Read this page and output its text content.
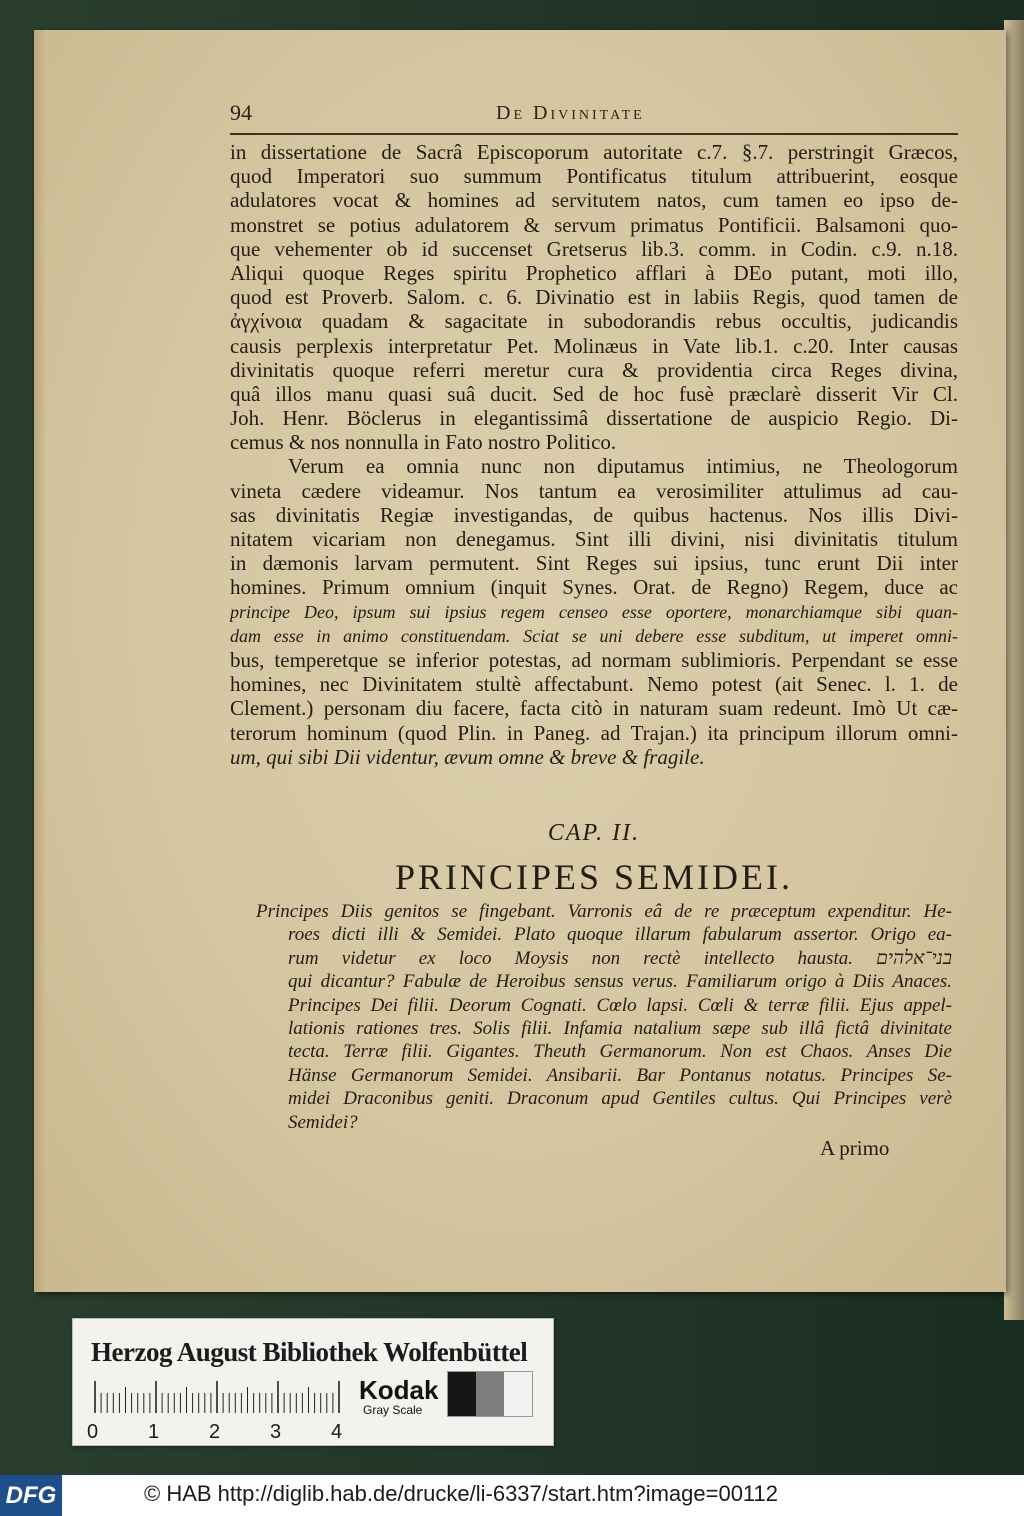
94	De Divinitate
in dissertatione de Sacrâ Episcoporum autoritate c.7. §.7. perstringit Græcos,
quod Imperatori suo summum Pontificatus titulum attribuerint, eosque
adulatores vocat & homines ad servitutem natos, cum tamen eo ipso de-
monstret se potius adulatorem & servum primatus Pontificii. Balsamoni quo-
que vehementer ob id succenset Gretserus lib.3. comm. in Codin. c.9. n.18.
Aliqui quoque Reges spiritu Prophetico afflari à DEo putant, moti illo,
quod est Proverb. Salom. c. 6. Divinatio est in labiis Regis, quod tamen de
ἀγχίνοια quadam & sagacitate in subodorandis rebus occultis, judicandis
causis perplexis interpretatur Pet. Molinæus in Vate lib.1. c.20. Inter causas
divinitatis quoque referri meretur cura & providentia circa Reges divina,
quâ illos manu quasi suâ ducit. Sed de hoc fusè præclarè disserit Vir Cl.
Joh. Henr. Böclerus in elegantissimâ dissertatione de auspicio Regio. Di-
cemus & nos nonnulla in Fato nostro Politico.
Verum ea omnia nunc non diputamus intimius, ne Theologorum
vineta cædere videamur. Nos tantum ea verosimiliter attulimus ad cau-
sas divinitatis Regiæ investigandas, de quibus hactenus. Nos illis Divi-
nitatem vicariam non denegamus. Sint illi divini, nisi divinitatis titulum
in dæmonis larvam permutent. Sint Reges sui ipsius, tunc erunt Dii inter
homines. Primum omnium (inquit Synes. Orat. de Regno) Regem, duce ac
principe Deo, ipsum sui ipsius regem censeo esse oportere, monarchiamque sibi quan-
dam esse in animo constituendam. Sciat se uni debere esse subditum, ut imperet omni-
bus, temperetque se inferior potestas, ad normam sublimioris. Perpendant se esse
homines, nec Divinitatem stultè affectabunt. Nemo potest (ait Senec. l. 1. de
Clement.) personam diu facere, facta citò in naturam suam redeunt. Imò Ut cæ-
terorum hominum (quod Plin. in Paneg. ad Trajan.) ita principum illorum omni-
um, qui sibi Dii videntur, ævum omne & breve & fragile.
CAP. II.
PRINCIPES SEMIDEI.
Principes Diis genitos se fingebant. Varronis eâ de re præceptum expenditur. He-
roes dicti illi & Semidei. Plato quoque illarum fabularum assertor. Origo ea-
rum videtur ex loco Moysis non rectè intellecto hausta. בני־אלהים
qui dicantur? Fabulæ de Heroibus sensus verus. Familiarum origo à Diis Anaces.
Principes Dei filii. Deorum Cognati. Cœlo lapsi. Cœli & terræ filii. Ejus appel-
lationis rationes tres. Solis filii. Infamia natalium sæpe sub illâ fictâ divinitate
tecta. Terræ filii. Gigantes. Theuth Germanorum. Non est Chaos. Anses Die
Hänse Germanorum Semidei. Ansibarii. Bar Pontanus notatus. Principes Se-
midei Draconibus geniti. Draconum apud Gentiles cultus. Qui Principes verè
Semidei?
A primo
Herzog August Bibliothek Wolfenbüttel
0 1 2 3 4
Kodak
Gray Scale
DFG	© HAB http://diglib.hab.de/drucke/li-6337/start.htm?image=00112
